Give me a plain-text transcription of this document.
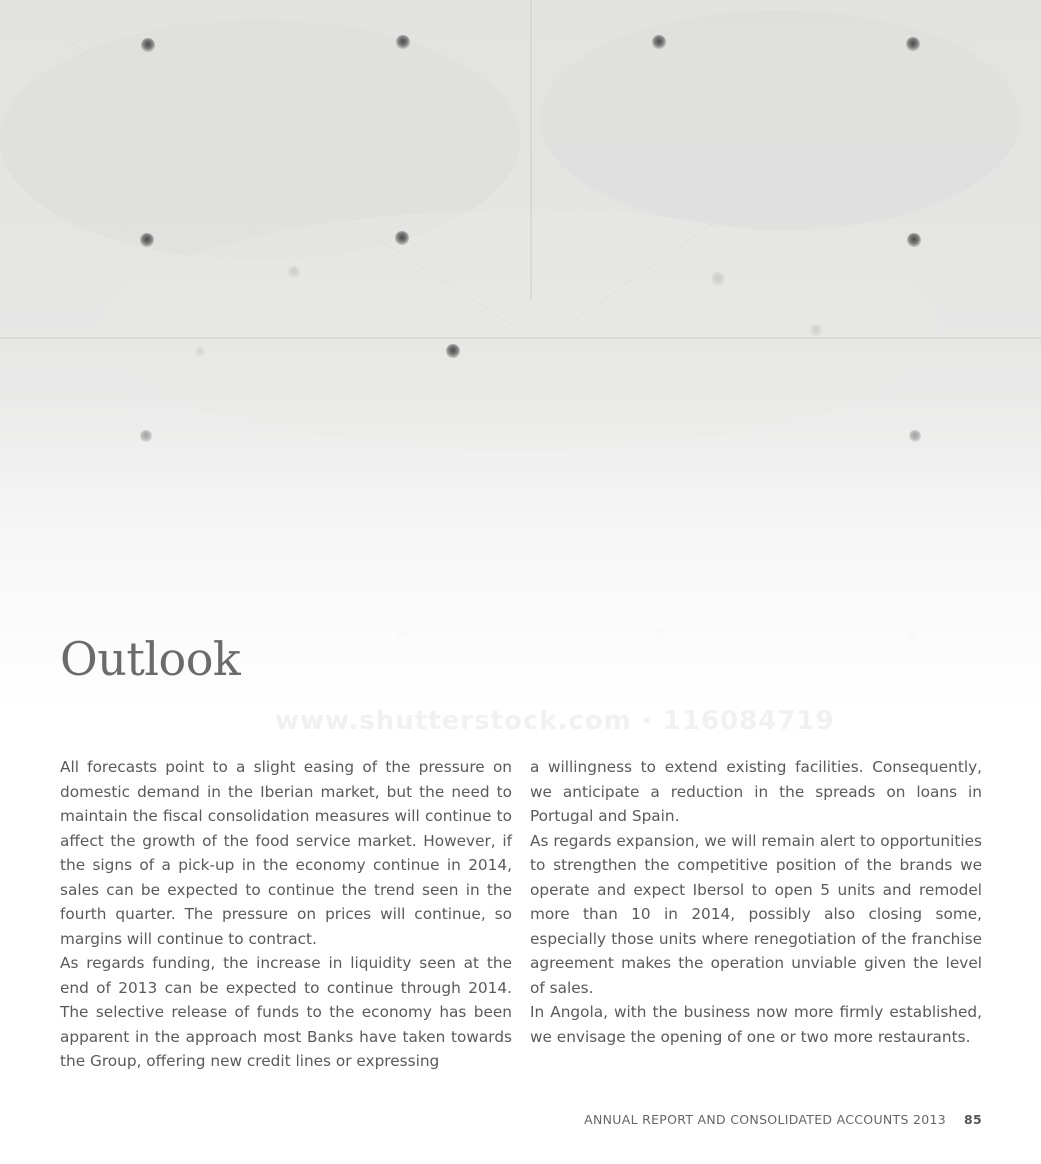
www.shutterstock.com · 116084719
Outlook

All forecasts point to a slight easing of the pressure on domestic demand in the Iberian market, but the need to maintain the fiscal consolidation measures will continue to affect the growth of the food service market. However, if the signs of a pick-up in the economy continue in 2014, sales can be expected to continue the trend seen in the fourth quarter. The pressure on prices will continue, so margins will continue to contract.

As regards funding, the increase in liquidity seen at the end of 2013 can be expected to continue through 2014. The selective release of funds to the economy has been apparent in the approach most Banks have taken towards the Group, offering new credit lines or expressing

a willingness to extend existing facilities. Consequently, we anticipate a reduction in the spreads on loans in Portugal and Spain.

As regards expansion, we will remain alert to opportunities to strengthen the competitive position of the brands we operate and expect Ibersol to open 5 units and remodel more than 10 in 2014, possibly also closing some, especially those units where renegotiation of the franchise agreement makes the operation unviable given the level of sales.

In Angola, with the business now more firmly established, we envisage the opening of one or two more restaurants.

ANNUAL REPORT AND CONSOLIDATED ACCOUNTS 2013 85
